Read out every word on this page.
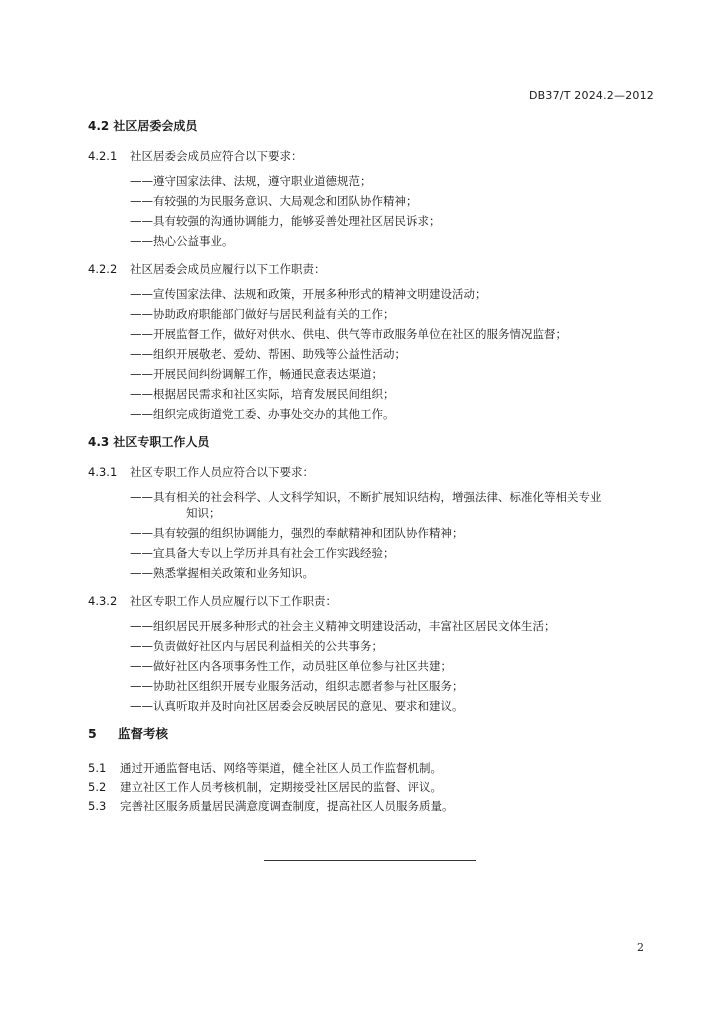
DB37/T 2024.2—2012
4.2 社区居委会成员
4.2.1 社区居委会成员应符合以下要求：
——遵守国家法律、法规，遵守职业道德规范；
——有较强的为民服务意识、大局观念和团队协作精神；
——具有较强的沟通协调能力，能够妥善处理社区居民诉求；
——热心公益事业。
4.2.2 社区居委会成员应履行以下工作职责：
——宣传国家法律、法规和政策，开展多种形式的精神文明建设活动；
——协助政府职能部门做好与居民利益有关的工作；
——开展监督工作，做好对供水、供电、供气等市政服务单位在社区的服务情况监督；
——组织开展敬老、爱幼、帮困、助残等公益性活动；
——开展民间纠纷调解工作，畅通民意表达渠道；
——根据居民需求和社区实际，培育发展民间组织；
——组织完成街道党工委、办事处交办的其他工作。
4.3 社区专职工作人员
4.3.1 社区专职工作人员应符合以下要求：
——具有相关的社会科学、人文科学知识，不断扩展知识结构，增强法律、标准化等相关专业
知识；
——具有较强的组织协调能力，强烈的奉献精神和团队协作精神；
——宜具备大专以上学历并具有社会工作实践经验；
——熟悉掌握相关政策和业务知识。
4.3.2 社区专职工作人员应履行以下工作职责：
——组织居民开展多种形式的社会主义精神文明建设活动，丰富社区居民文体生活；
——负责做好社区内与居民利益相关的公共事务；
——做好社区内各项事务性工作，动员驻区单位参与社区共建；
——协助社区组织开展专业服务活动，组织志愿者参与社区服务；
——认真听取并及时向社区居委会反映居民的意见、要求和建议。
5 监督考核
5.1 通过开通监督电话、网络等渠道，健全社区人员工作监督机制。
5.2 建立社区工作人员考核机制，定期接受社区居民的监督、评议。
5.3 完善社区服务质量居民满意度调查制度，提高社区人员服务质量。
2
